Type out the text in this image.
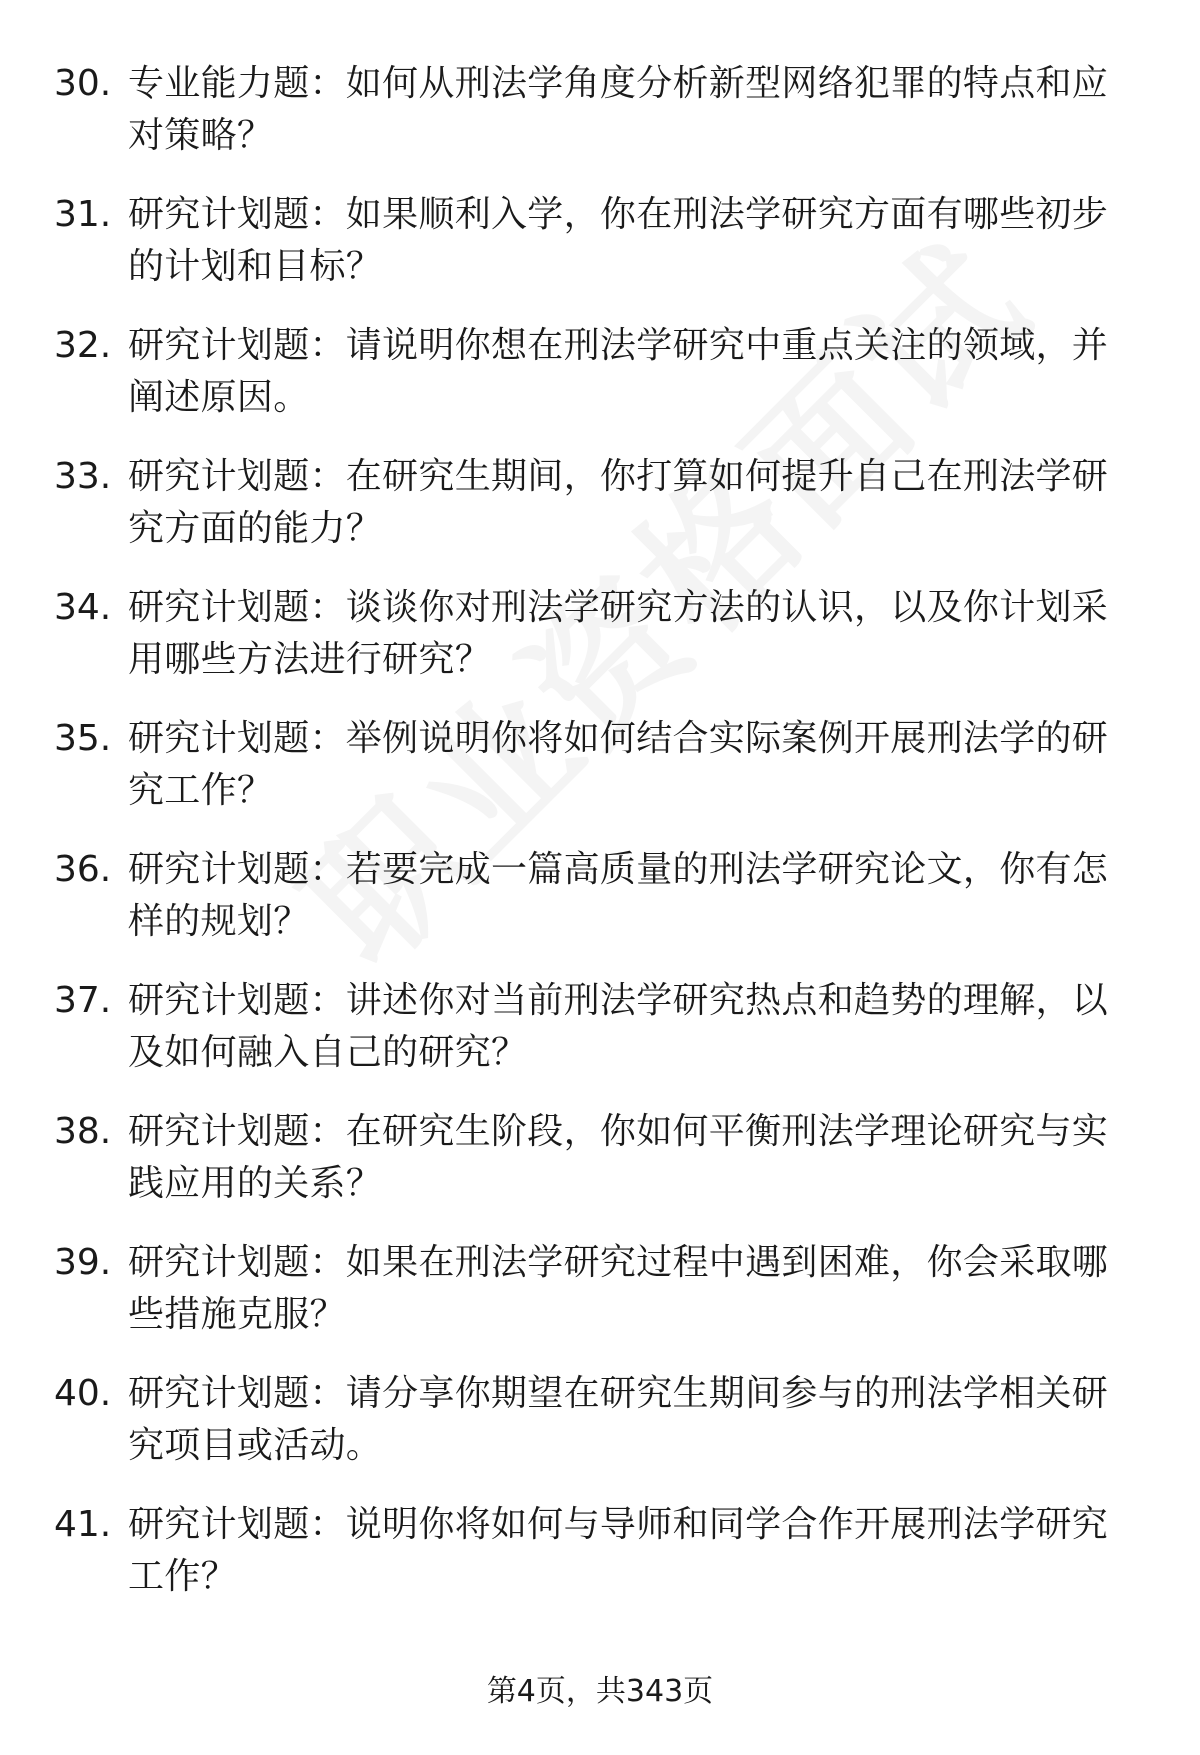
30. 专业能力题：如何从刑法学角度分析新型网络犯罪的特点和应对策略？
31. 研究计划题：如果顺利入学，你在刑法学研究方面有哪些初步的计划和目标？
32. 研究计划题：请说明你想在刑法学研究中重点关注的领域，并阐述原因。
33. 研究计划题：在研究生期间，你打算如何提升自己在刑法学研究方面的能力？
34. 研究计划题：谈谈你对刑法学研究方法的认识，以及你计划采用哪些方法进行研究？
35. 研究计划题：举例说明你将如何结合实际案例开展刑法学的研究工作？
36. 研究计划题：若要完成一篇高质量的刑法学研究论文，你有怎样的规划？
37. 研究计划题：讲述你对当前刑法学研究热点和趋势的理解，以及如何融入自己的研究？
38. 研究计划题：在研究生阶段，你如何平衡刑法学理论研究与实践应用的关系？
39. 研究计划题：如果在刑法学研究过程中遇到困难，你会采取哪些措施克服？
40. 研究计划题：请分享你期望在研究生期间参与的刑法学相关研究项目或活动。
41. 研究计划题：说明你将如何与导师和同学合作开展刑法学研究工作？
第4页，共343页
